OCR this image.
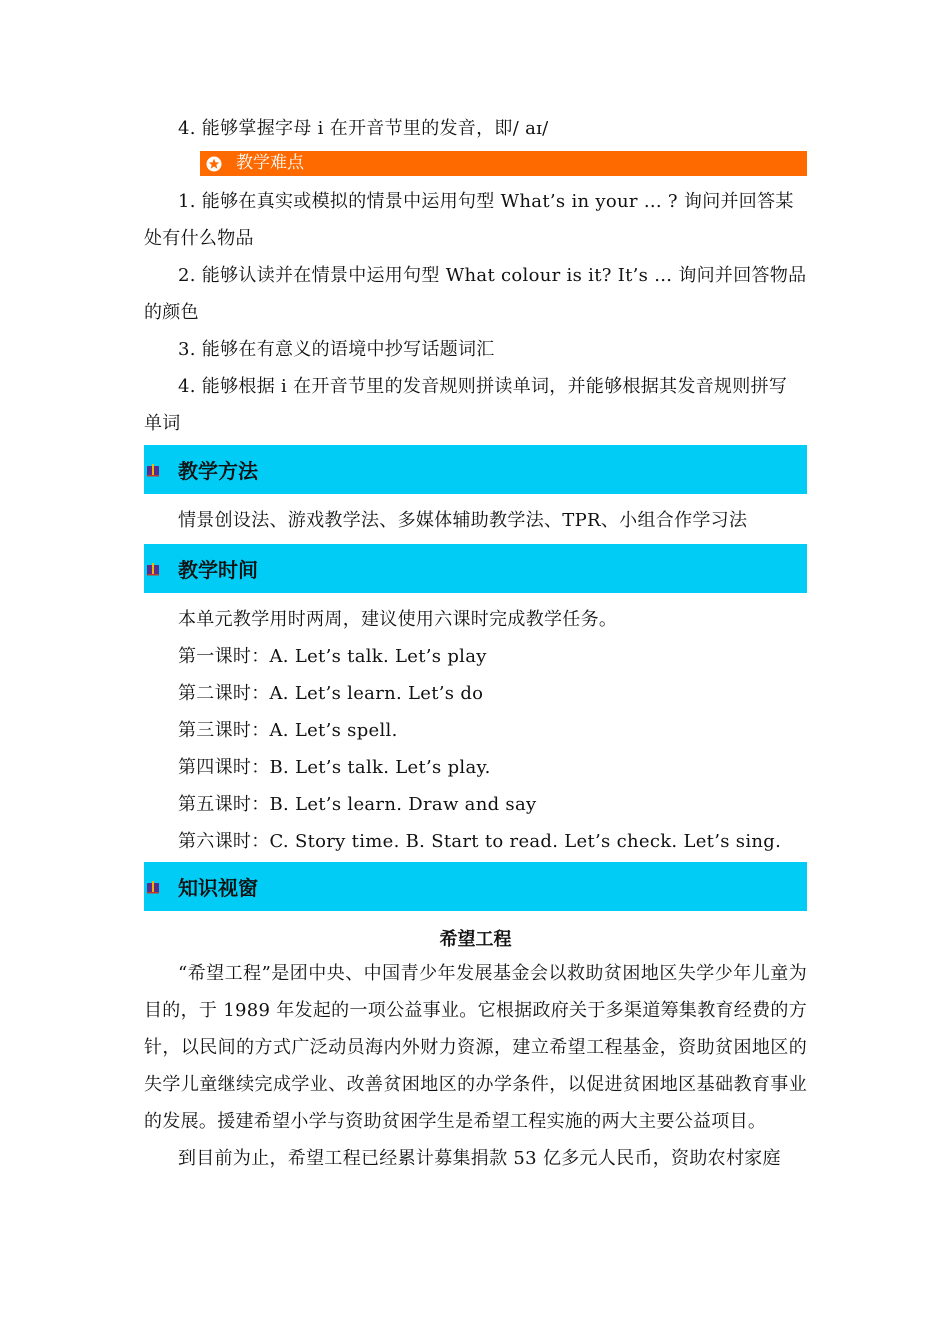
4. 能够掌握字母 i 在开音节里的发音，即/ aɪ/

教学难点

1. 能够在真实或模拟的情景中运用句型 What’s in your ... ? 询问并回答某

处有什么物品

2. 能够认读并在情景中运用句型 What colour is it? It’s ... 询问并回答物品

的颜色

3. 能够在有意义的语境中抄写话题词汇

4. 能够根据 i 在开音节里的发音规则拼读单词，并能够根据其发音规则拼写

单词

教学方法

情景创设法、游戏教学法、多媒体辅助教学法、TPR、小组合作学习法

教学时间

本单元教学用时两周，建议使用六课时完成教学任务。

第一课时：A. Let’s talk. Let’s play

第二课时：A. Let’s learn. Let’s do

第三课时：A. Let’s spell.

第四课时：B. Let’s talk. Let’s play.

第五课时：B. Let’s learn. Draw and say

第六课时：C. Story time. B. Start to read. Let’s check. Let’s sing.

知识视窗
希望工程

“希望工程”是团中央、中国青少年发展基金会以救助贫困地区失学少年儿童为目的，于 1989 年发起的一项公益事业。它根据政府关于多渠道筹集教育经费的方针，以民间的方式广泛动员海内外财力资源，建立希望工程基金，资助贫困地区的失学儿童继续完成学业、改善贫困地区的办学条件，以促进贫困地区基础教育事业的发展。援建希望小学与资助贫困学生是希望工程实施的两大主要公益项目。

到目前为止，希望工程已经累计募集捐款 53 亿多元人民币，资助农村家庭
